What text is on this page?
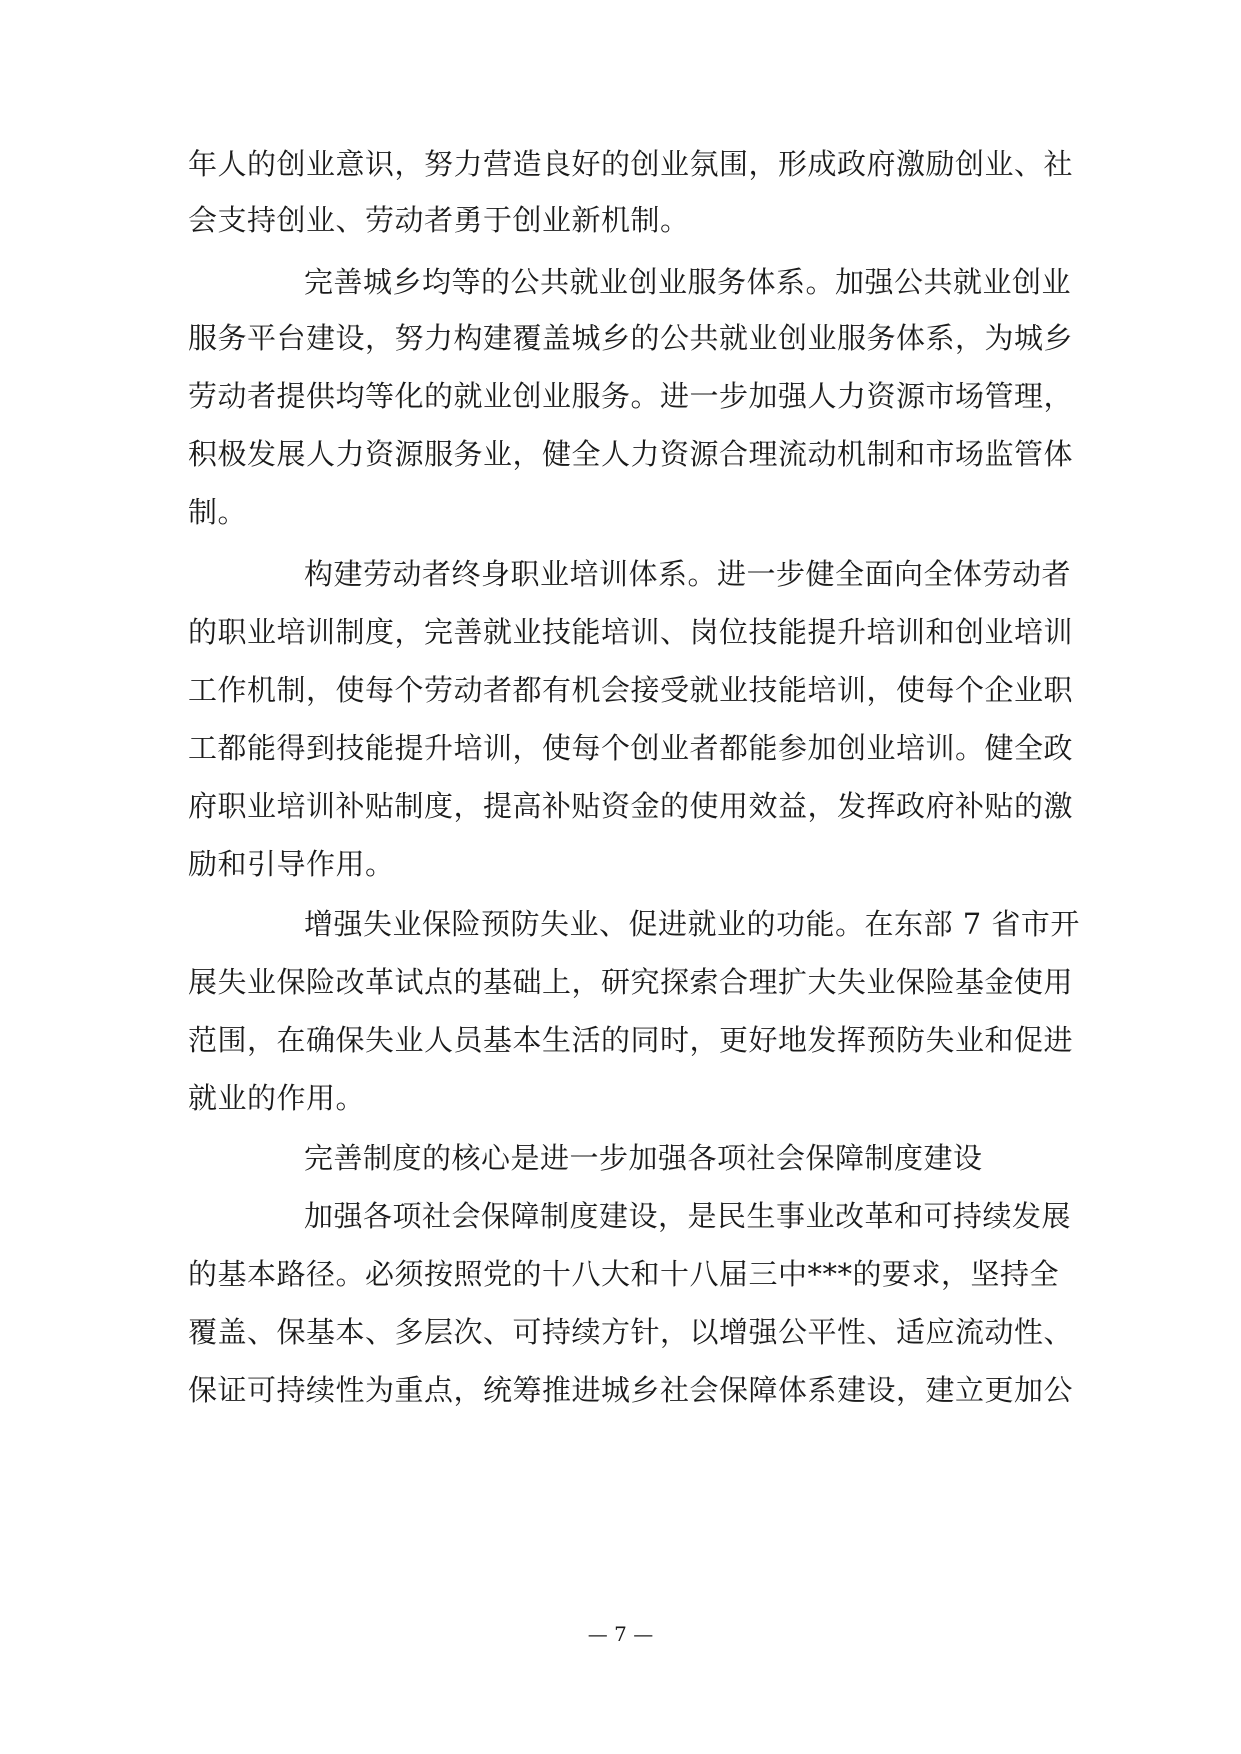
年人的创业意识，努力营造良好的创业氛围，形成政府激励创业、社
会支持创业、劳动者勇于创业新机制。
完善城乡均等的公共就业创业服务体系。加强公共就业创业
服务平台建设，努力构建覆盖城乡的公共就业创业服务体系，为城乡
劳动者提供均等化的就业创业服务。进一步加强人力资源市场管理，
积极发展人力资源服务业，健全人力资源合理流动机制和市场监管体
制。
构建劳动者终身职业培训体系。进一步健全面向全体劳动者
的职业培训制度，完善就业技能培训、岗位技能提升培训和创业培训
工作机制，使每个劳动者都有机会接受就业技能培训，使每个企业职
工都能得到技能提升培训，使每个创业者都能参加创业培训。健全政
府职业培训补贴制度，提高补贴资金的使用效益，发挥政府补贴的激
励和引导作用。
增强失业保险预防失业、促进就业的功能。在东部 7 省市开
展失业保险改革试点的基础上，研究探索合理扩大失业保险基金使用
范围，在确保失业人员基本生活的同时，更好地发挥预防失业和促进
就业的作用。
完善制度的核心是进一步加强各项社会保障制度建设
加强各项社会保障制度建设，是民生事业改革和可持续发展
的基本路径。必须按照党的十八大和十八届三中***的要求，坚持全
覆盖、保基本、多层次、可持续方针，以增强公平性、适应流动性、
保证可持续性为重点，统筹推进城乡社会保障体系建设，建立更加公
— 7 —
